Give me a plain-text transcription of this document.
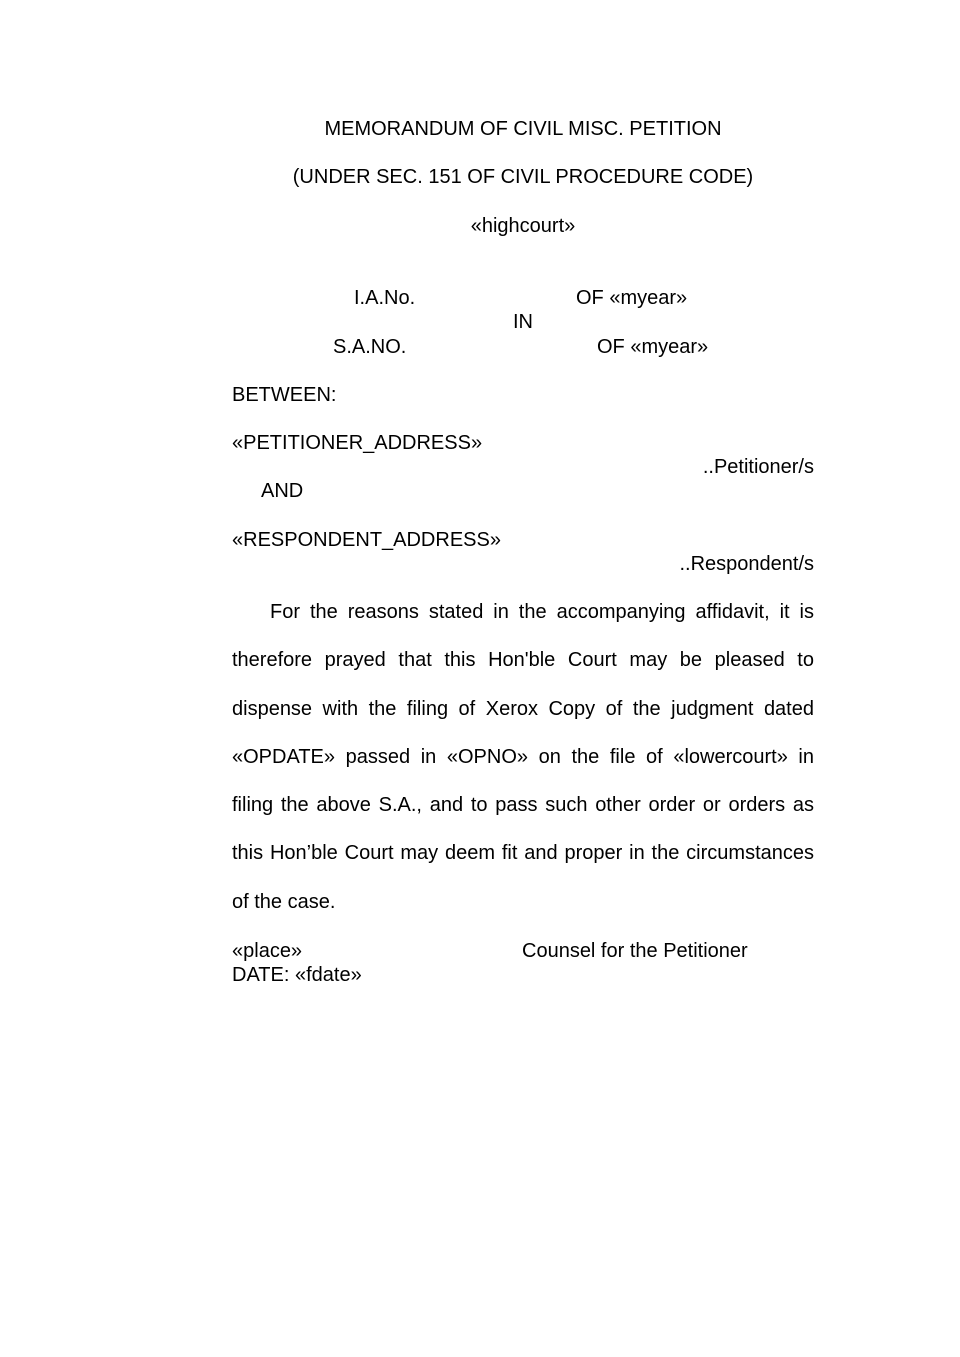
MEMORANDUM OF CIVIL MISC. PETITION
(UNDER SEC. 151 OF CIVIL PROCEDURE CODE)
«highcourt»
I.A.No.	OF «myear»
IN
S.A.NO.	OF «myear»
BETWEEN:
«PETITIONER_ADDRESS»
..Petitioner/s
AND
«RESPONDENT_ADDRESS»
..Respondent/s
For the reasons stated in the accompanying affidavit, it is therefore prayed that this Hon'ble Court may be pleased to dispense with the filing of Xerox Copy of the judgment dated «OPDATE» passed in «OPNO» on the file of «lowercourt» in filing the above S.A., and to pass such other order or orders as this Hon’ble Court may deem fit and proper in the circumstances of the case.
«place»	Counsel for the Petitioner
DATE: «fdate»
